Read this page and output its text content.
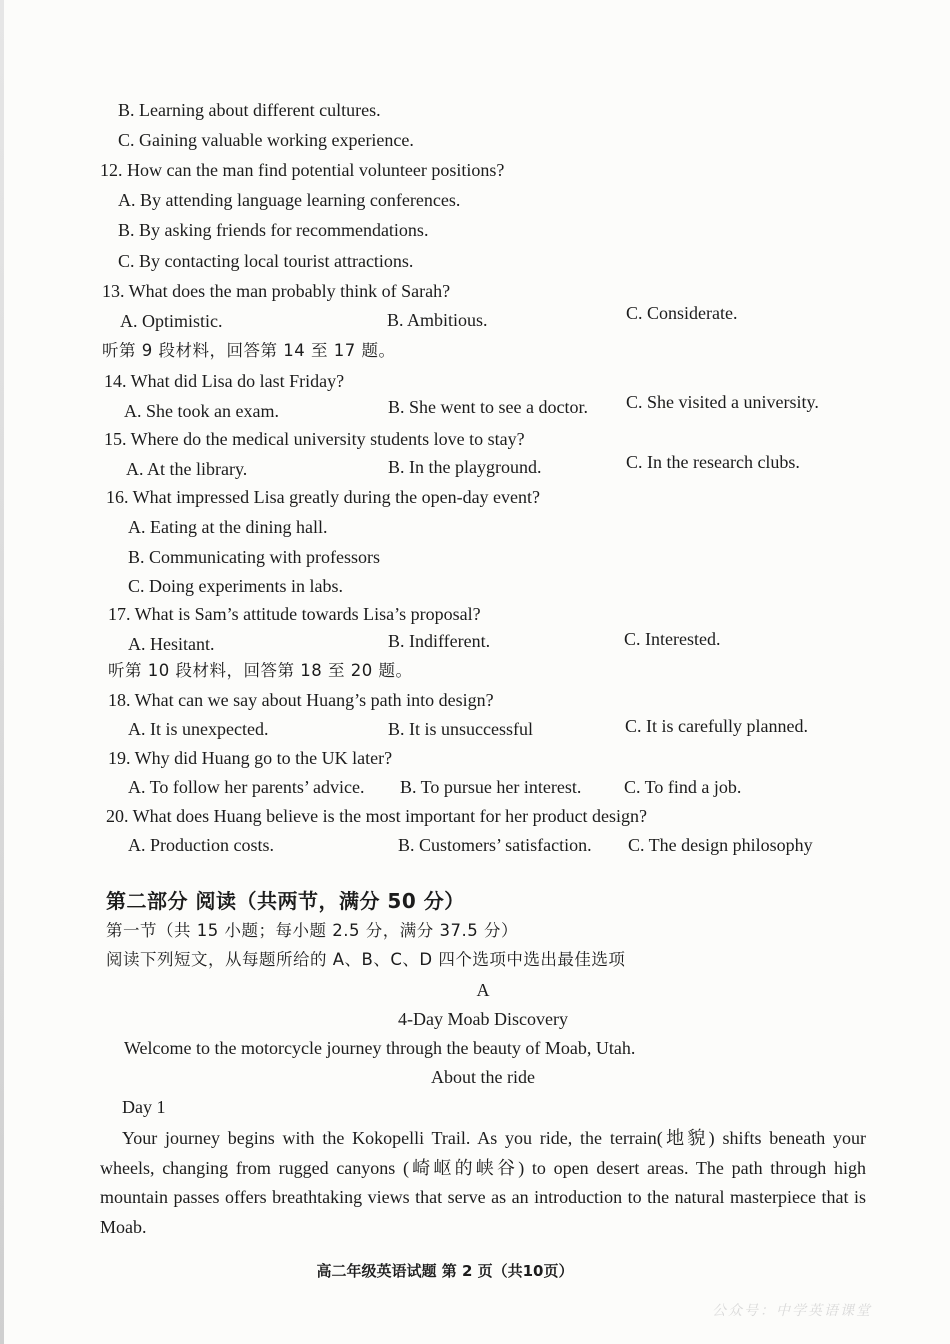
B. Learning about different cultures.
C. Gaining valuable working experience.
12. How can the man find potential volunteer positions?
A. By attending language learning conferences.
B. By asking friends for recommendations.
C. By contacting local tourist attractions.
13. What does the man probably think of Sarah?
A. Optimistic.	B. Ambitious.	C. Considerate.
听第 9 段材料，回答第 14 至 17 题。
14. What did Lisa do last Friday?
A. She took an exam.	B. She went to see a doctor. C. She visited a university.
15. Where do the medical university students love to stay?
A. At the library.	B. In the playground.	C. In the research clubs.
16. What impressed Lisa greatly during the open-day event?
A. Eating at the dining hall.
B. Communicating with professors
C. Doing experiments in labs.
17. What is Sam’s attitude towards Lisa’s proposal?
A. Hesitant.	B. Indifferent.	C. Interested.
听第 10 段材料，回答第 18 至 20 题。
18. What can we say about Huang’s path into design?
A. It is unexpected.	B. It is unsuccessful	C. It is carefully planned.
19. Why did Huang go to the UK later?
A. To follow her parents’ advice. B. To pursue her interest. C. To find a job.
20. What does Huang believe is the most important for her product design?
A. Production costs.	B. Customers’ satisfaction. C. The design philosophy
第二部分 阅读（共两节，满分 50 分）
第一节（共 15 小题；每小题 2.5 分，满分 37.5 分）
阅读下列短文，从每题所给的 A、B、C、D 四个选项中选出最佳选项
A
4-Day Moab Discovery
Welcome to the motorcycle journey through the beauty of Moab, Utah.
About the ride
Day 1
Your journey begins with the Kokopelli Trail. As you ride, the terrain(地貌) shifts beneath your wheels, changing from rugged canyons (崎岖的峡谷) to open desert areas. The path through high mountain passes offers breathtaking views that serve as an introduction to the natural masterpiece that is Moab.
高二年级英语试题 第 2 页（共10页）
公众号：中学英语课堂
